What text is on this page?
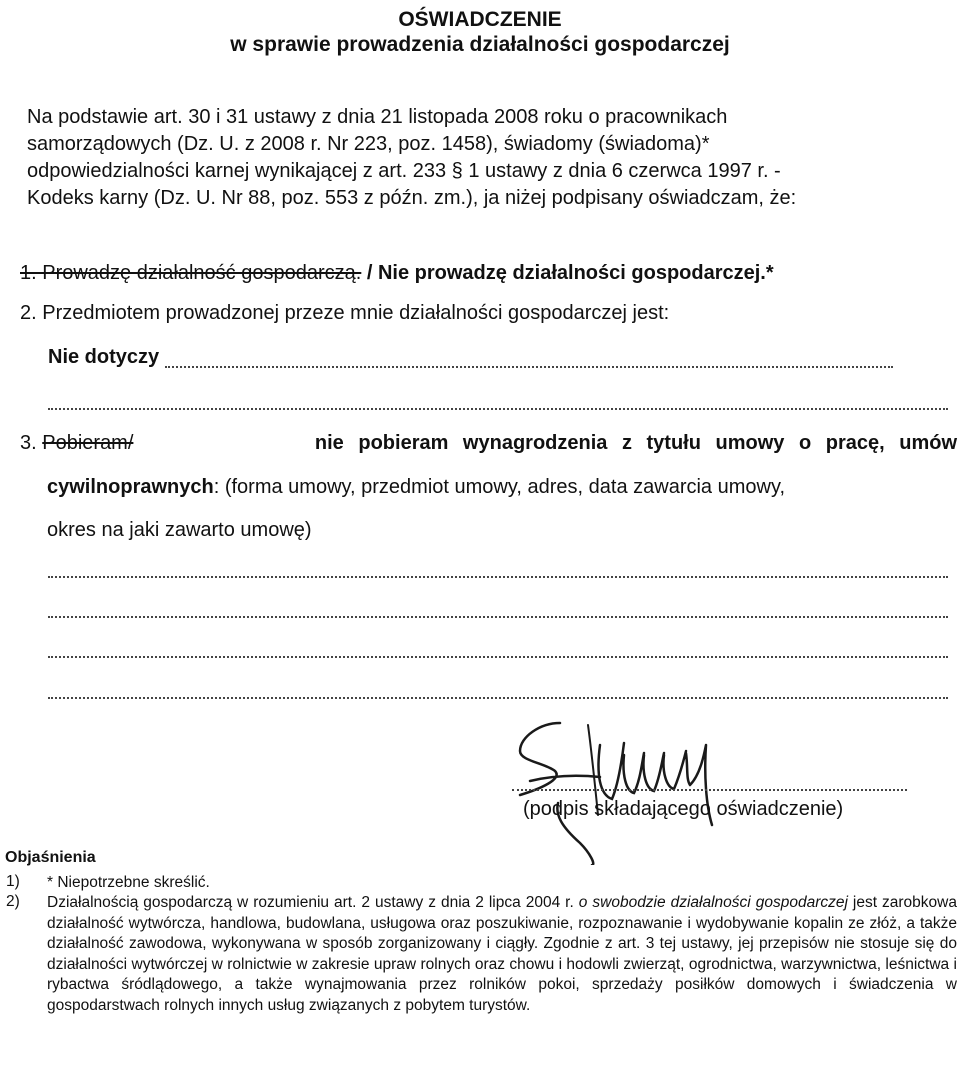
OŚWIADCZENIE
w sprawie prowadzenia działalności gospodarczej
Na podstawie art. 30 i 31 ustawy z dnia 21 listopada 2008 roku o pracownikach
samorządowych (Dz. U. z 2008 r. Nr 223, poz. 1458), świadomy (świadoma)*
odpowiedzialności karnej wynikającej z art. 233 § 1 ustawy z dnia 6 czerwca 1997 r. -
Kodeks karny (Dz. U. Nr 88, poz. 553 z późn. zm.), ja niżej podpisany oświadczam, że:
1. Prowadzę działalność gospodarczą. / Nie prowadzę działalności gospodarczej.*
2. Przedmiotem prowadzonej przeze mnie działalności gospodarczej jest:
Nie dotyczy
3. Pobieram/	nie pobieram wynagrodzenia z tytułu umowy o pracę, umów
cywilnoprawnych: (forma umowy, przedmiot umowy, adres, data zawarcia umowy,
okres na jaki zawarto umowę)
(podpis składającego oświadczenie)
Objaśnienia
1) * Niepotrzebne skreślić.
2) Działalnością gospodarczą w rozumieniu art. 2 ustawy z dnia 2 lipca 2004 r. o swobodzie działalności gospodarczej jest zarobkowa działalność wytwórcza, handlowa, budowlana, usługowa oraz poszukiwanie, rozpoznawanie i wydobywanie kopalin ze złóż, a także działalność zawodowa, wykonywana w sposób zorganizowany i ciągły. Zgodnie z art. 3 tej ustawy, jej przepisów nie stosuje się do działalności wytwórczej w rolnictwie w zakresie upraw rolnych oraz chowu i hodowli zwierząt, ogrodnictwa, warzywnictwa, leśnictwa i rybactwa śródlądowego, a także wynajmowania przez rolników pokoi, sprzedaży posiłków domowych i świadczenia w gospodarstwach rolnych innych usług związanych z pobytem turystów.
